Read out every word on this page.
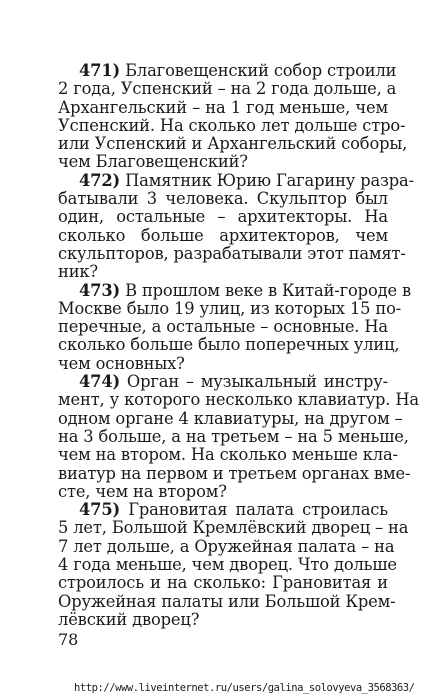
471) Благовещенский собор строили
2 года, Успенский – на 2 года дольше, а
Архангельский – на 1 год меньше, чем
Успенский. На сколько лет дольше стро-
или Успенский и Архангельский соборы,
чем Благовещенский?
472) Памятник Юрию Гагарину разра-
батывали 3 человека. Скульптор был
один, остальные – архитекторы. На
сколько больше архитекторов, чем
скульпторов, разрабатывали этот памят-
ник?
473) В прошлом веке в Китай-городе в
Москве было 19 улиц, из которых 15 по-
перечные, а остальные – основные. На
сколько больше было поперечных улиц,
чем основных?
474) Орган – музыкальный инстру-
мент, у которого несколько клавиатур. На
одном органе 4 клавиатуры, на другом –
на 3 больше, а на третьем – на 5 меньше,
чем на втором. На сколько меньше кла-
виатур на первом и третьем органах вме-
сте, чем на втором?
475) Грановитая палата строилась
5 лет, Большой Кремлёвский дворец – на
7 лет дольше, а Оружейная палата – на
4 года меньше, чем дворец. Что дольше
строилось и на сколько: Грановитая и
Оружейная палаты или Большой Крем-
лёвский дворец?
78
http://www.liveinternet.ru/users/galina_solovyeva_3568363/
